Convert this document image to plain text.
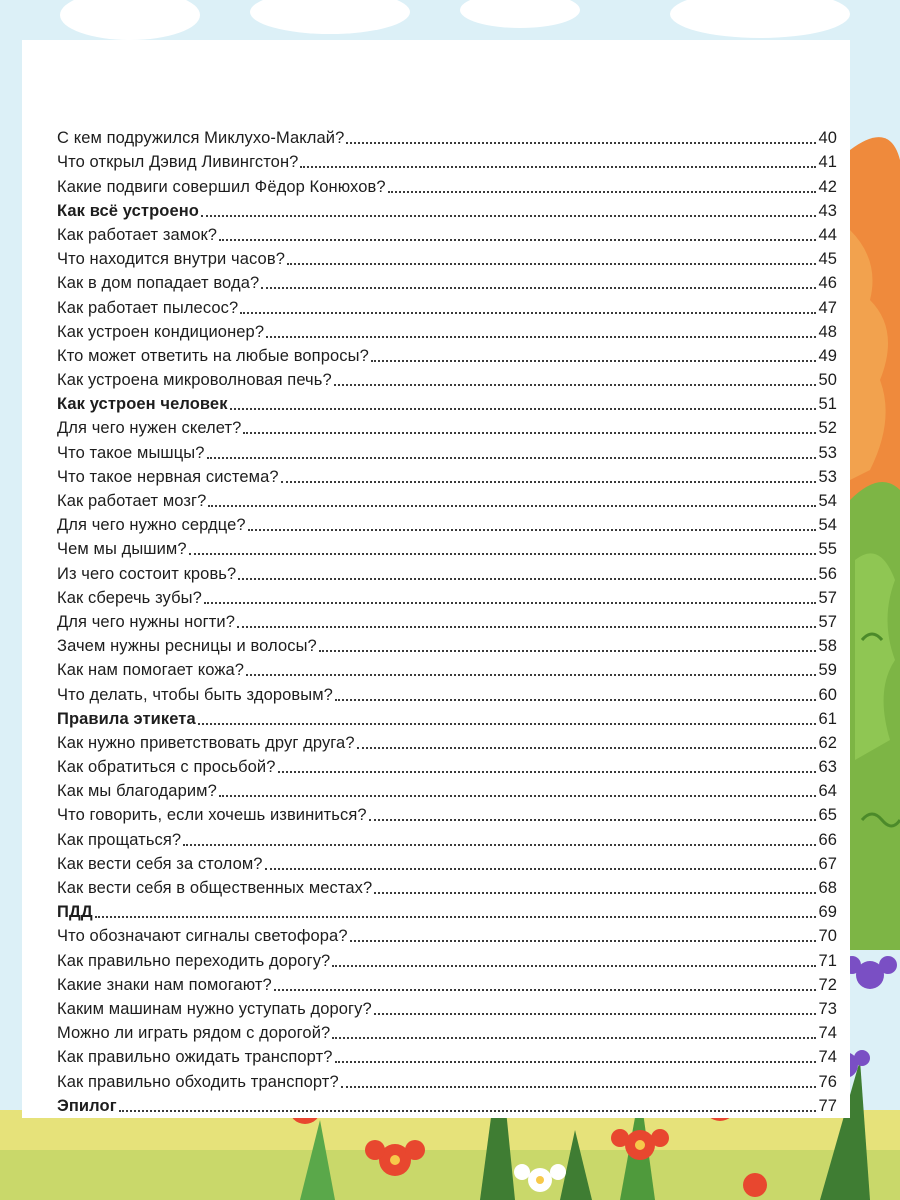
С кем подружился Миклухо-Маклай?	40
Что открыл Дэвид Ливингстон?	41
Какие подвиги совершил Фёдор Конюхов?	42
Как всё устроено	43
Как работает замок?	44
Что находится внутри часов?	45
Как в дом попадает вода?	46
Как работает пылесос?	47
Как устроен кондиционер?	48
Кто может ответить на любые вопросы?	49
Как устроена микроволновая печь?	50
Как устроен человек	51
Для чего нужен скелет?	52
Что такое мышцы?	53
Что такое нервная система?	53
Как работает мозг?	54
Для чего нужно сердце?	54
Чем мы дышим?	55
Из чего состоит кровь?	56
Как сберечь зубы?	57
Для чего нужны ногти?	57
Зачем нужны ресницы и волосы?	58
Как нам помогает кожа?	59
Что делать, чтобы быть здоровым?	60
Правила этикета	61
Как нужно приветствовать друг друга?	62
Как обратиться с просьбой?	63
Как мы благодарим?	64
Что говорить, если хочешь извиниться?	65
Как прощаться?	66
Как вести себя за столом?	67
Как вести себя в общественных местах?	68
ПДД	69
Что обозначают сигналы светофора?	70
Как правильно переходить дорогу?	71
Какие знаки нам помогают?	72
Каким машинам нужно уступать дорогу?	73
Можно ли играть рядом с дорогой?	74
Как правильно ожидать транспорт?	74
Как правильно обходить транспорт?	76
Эпилог	77
